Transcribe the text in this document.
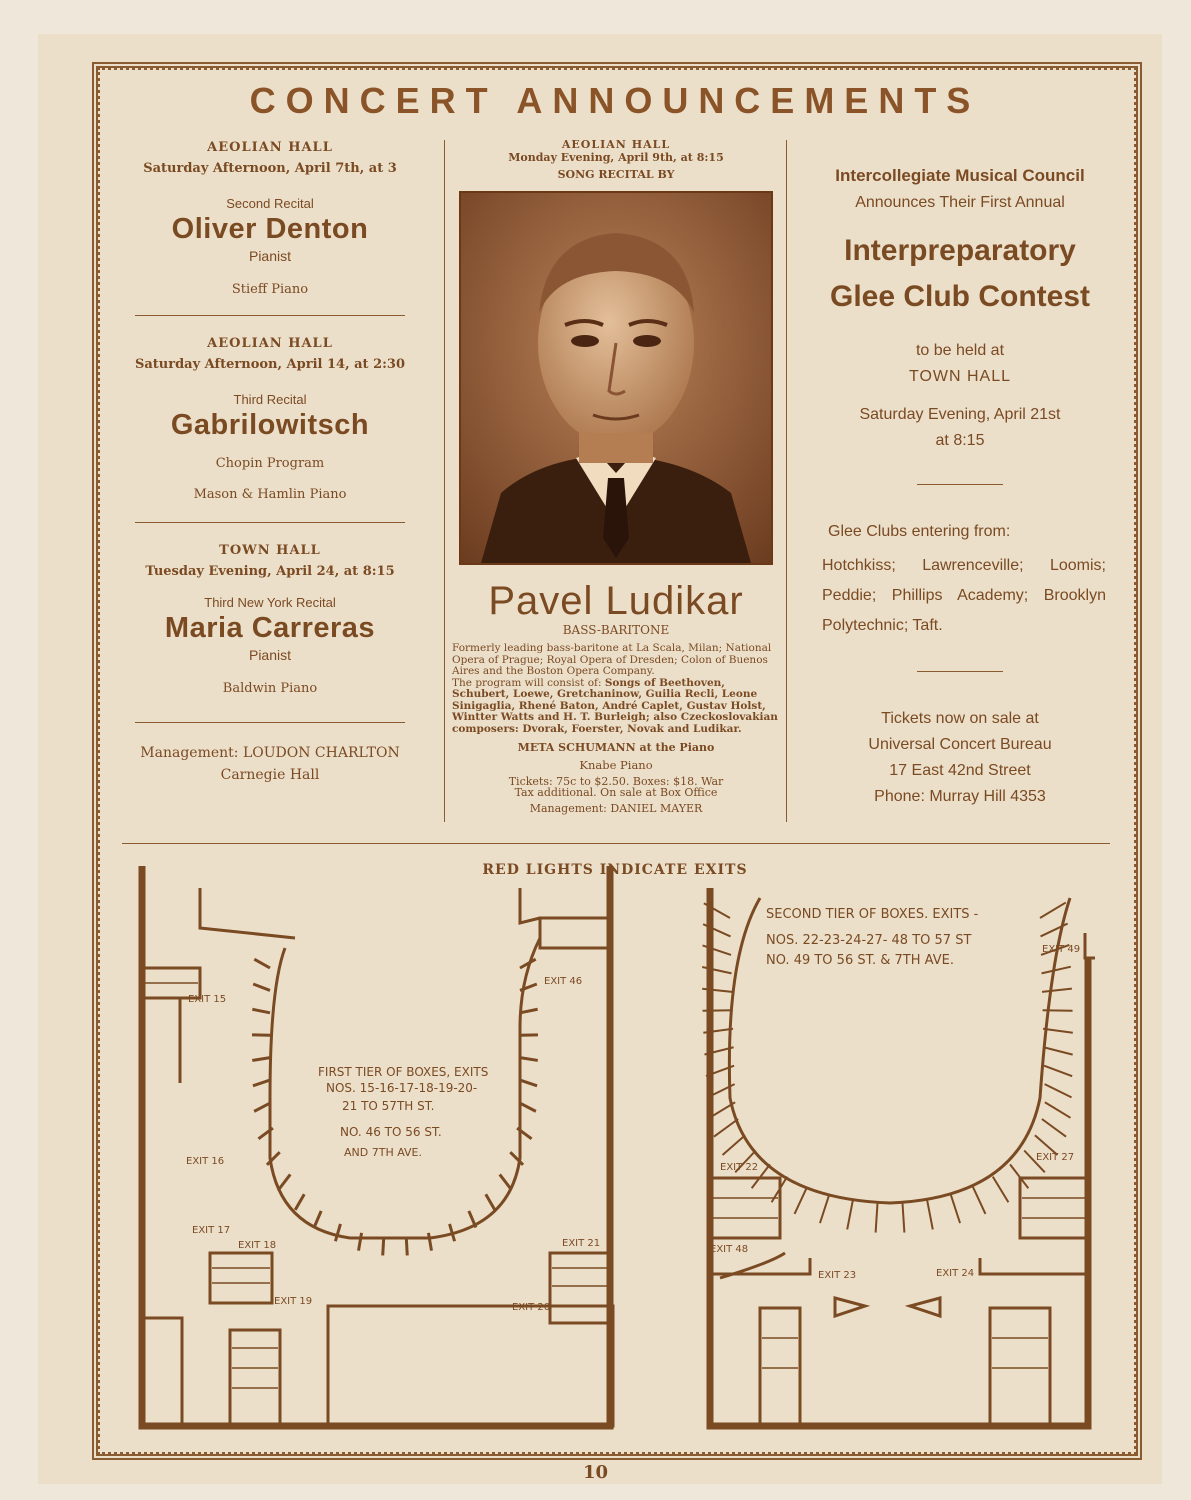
CONCERT ANNOUNCEMENTS
AEOLIAN HALL
Saturday Afternoon, April 7th, at 3
Second Recital
Oliver Denton
Pianist
Stieff Piano
AEOLIAN HALL
Saturday Afternoon, April 14, at 2:30
Third Recital
Gabrilowitsch
Chopin Program
Mason & Hamlin Piano
TOWN HALL
Tuesday Evening, April 24, at 8:15
Third New York Recital
Maria Carreras
Pianist
Baldwin Piano
Management: LOUDON CHARLTON
Carnegie Hall
AEOLIAN HALL
Monday Evening, April 9th, at 8:15
SONG RECITAL BY
Pavel Ludikar
BASS-BARITONE
Formerly leading bass-baritone at La Scala, Milan; National Opera of Prague; Royal Opera of Dresden; Colon of Buenos Aires and the Boston Opera Company.
The program will consist of: Songs of Beethoven, Schubert, Loewe, Gretchaninow, Guilia Recli, Leone Sinigaglia, Rhené Baton, André Caplet, Gustav Holst, Wintter Watts and H. T. Burleigh; also Czeckoslovakian composers: Dvorak, Foerster, Novak and Ludikar.
META SCHUMANN at the Piano
Knabe Piano
Tickets: 75c to $2.50. Boxes: $18. War Tax additional. On sale at Box Office
Management: DANIEL MAYER
Intercollegiate Musical Council
Announces Their First Annual
Interpreparatory
Glee Club Contest
to be held at
TOWN HALL
Saturday Evening, April 21st
at 8:15
Glee Clubs entering from:
Hotchkiss; Lawrenceville; Loomis; Peddie; Phillips Academy; Brooklyn Polytechnic; Taft.
Tickets now on sale at
Universal Concert Bureau
17 East 42nd Street
Phone: Murray Hill 4353
RED LIGHTS INDICATE EXITS
FIRST TIER OF BOXES, EXITS
NOS. 15-16-17-18-19-20-
21 TO 57TH ST.
NO. 46 TO 56 ST.
AND 7TH AVE.
EXIT 15
EXIT 16
EXIT 17
EXIT 18
EXIT 19
EXIT 20
EXIT 21
EXIT 46
SECOND TIER OF BOXES. EXITS -
NOS. 22-23-24-27- 48 TO 57 ST
NO. 49 TO 56 ST. & 7TH AVE.
EXIT 22
EXIT 23	EXIT 24
EXIT 27
EXIT 48
EXIT 49
10
